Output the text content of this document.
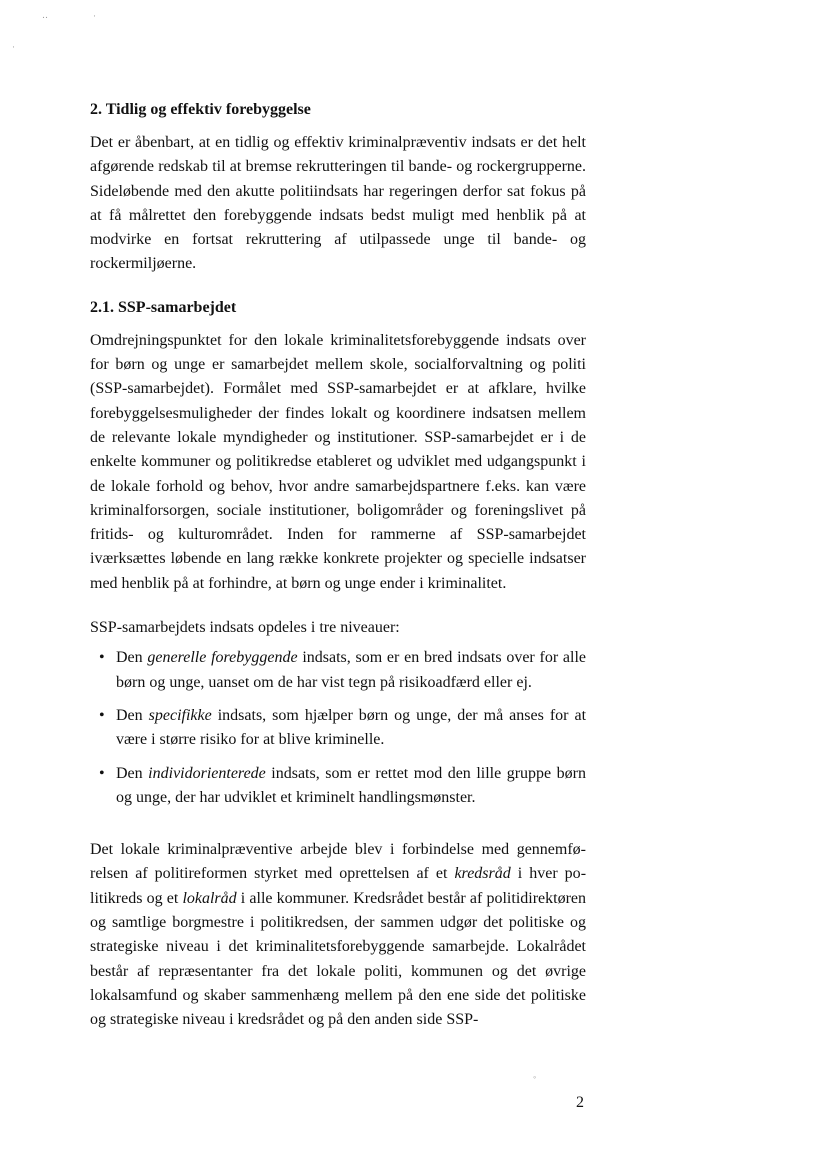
‥	·
·
2. Tidlig og effektiv forebyggelse

Det er åbenbart, at en tidlig og effektiv kriminalpræventiv indsats er det helt afgørende redskab til at bremse rekrutteringen til bande- og rockergrupperne. Sideløbende med den akutte politiindsats har regeringen derfor sat fokus på at få målrettet den forebyggende indsats bedst muligt med henblik på at modvirke en fortsat rekruttering af utilpassede unge til bande- og rockermiljøerne.

2.1. SSP-samarbejdet

Omdrejningspunktet for den lokale kriminalitetsforebyggende indsats over for børn og unge er samarbejdet mellem skole, socialforvaltning og politi (SSP-samarbejdet). Formålet med SSP-samarbejdet er at afklare, hvilke forebyggelsesmuligheder der findes lokalt og koordinere indsatsen mellem de relevante lokale myndigheder og institutioner. SSP-samarbejdet er i de enkelte kommuner og politikredse etableret og udviklet med udgangspunkt i de lokale forhold og behov, hvor andre samarbejdspartnere f.eks. kan være kriminalforsorgen, sociale institutioner, boligområder og foreningslivet på fritids- og kulturområdet. Inden for rammerne af SSP-samarbejdet iværksættes løbende en lang række konkrete projekter og specielle indsatser med henblik på at forhindre, at børn og unge ender i kriminalitet.

SSP-samarbejdets indsats opdeles i tre niveauer:

• Den generelle forebyggende indsats, som er en bred indsats over for alle børn og unge, uanset om de har vist tegn på risikoadfærd eller ej.
• Den specifikke indsats, som hjælper børn og unge, der må anses for at være i større risiko for at blive kriminelle.
• Den individorienterede indsats, som er rettet mod den lille gruppe børn og unge, der har udviklet et kriminelt handlingsmønster.

Det lokale kriminalpræventive arbejde blev i forbindelse med gennemførelsen af politireformen styrket med oprettelsen af et kredsråd i hver politikreds og et lokalråd i alle kommuner. Kredsrådet består af politidirektøren og samtlige borgmestre i politikredsen, der sammen udgør det politiske og strategiske niveau i det kriminalitetsforebyggende samarbejde. Lokalrådet består af repræsentanter fra det lokale politi, kommunen og det øvrige lokalsamfund og skaber sammenhæng mellem på den ene side det politiske og strategiske niveau i kredsrådet og på den anden side SSP-

◦
2
